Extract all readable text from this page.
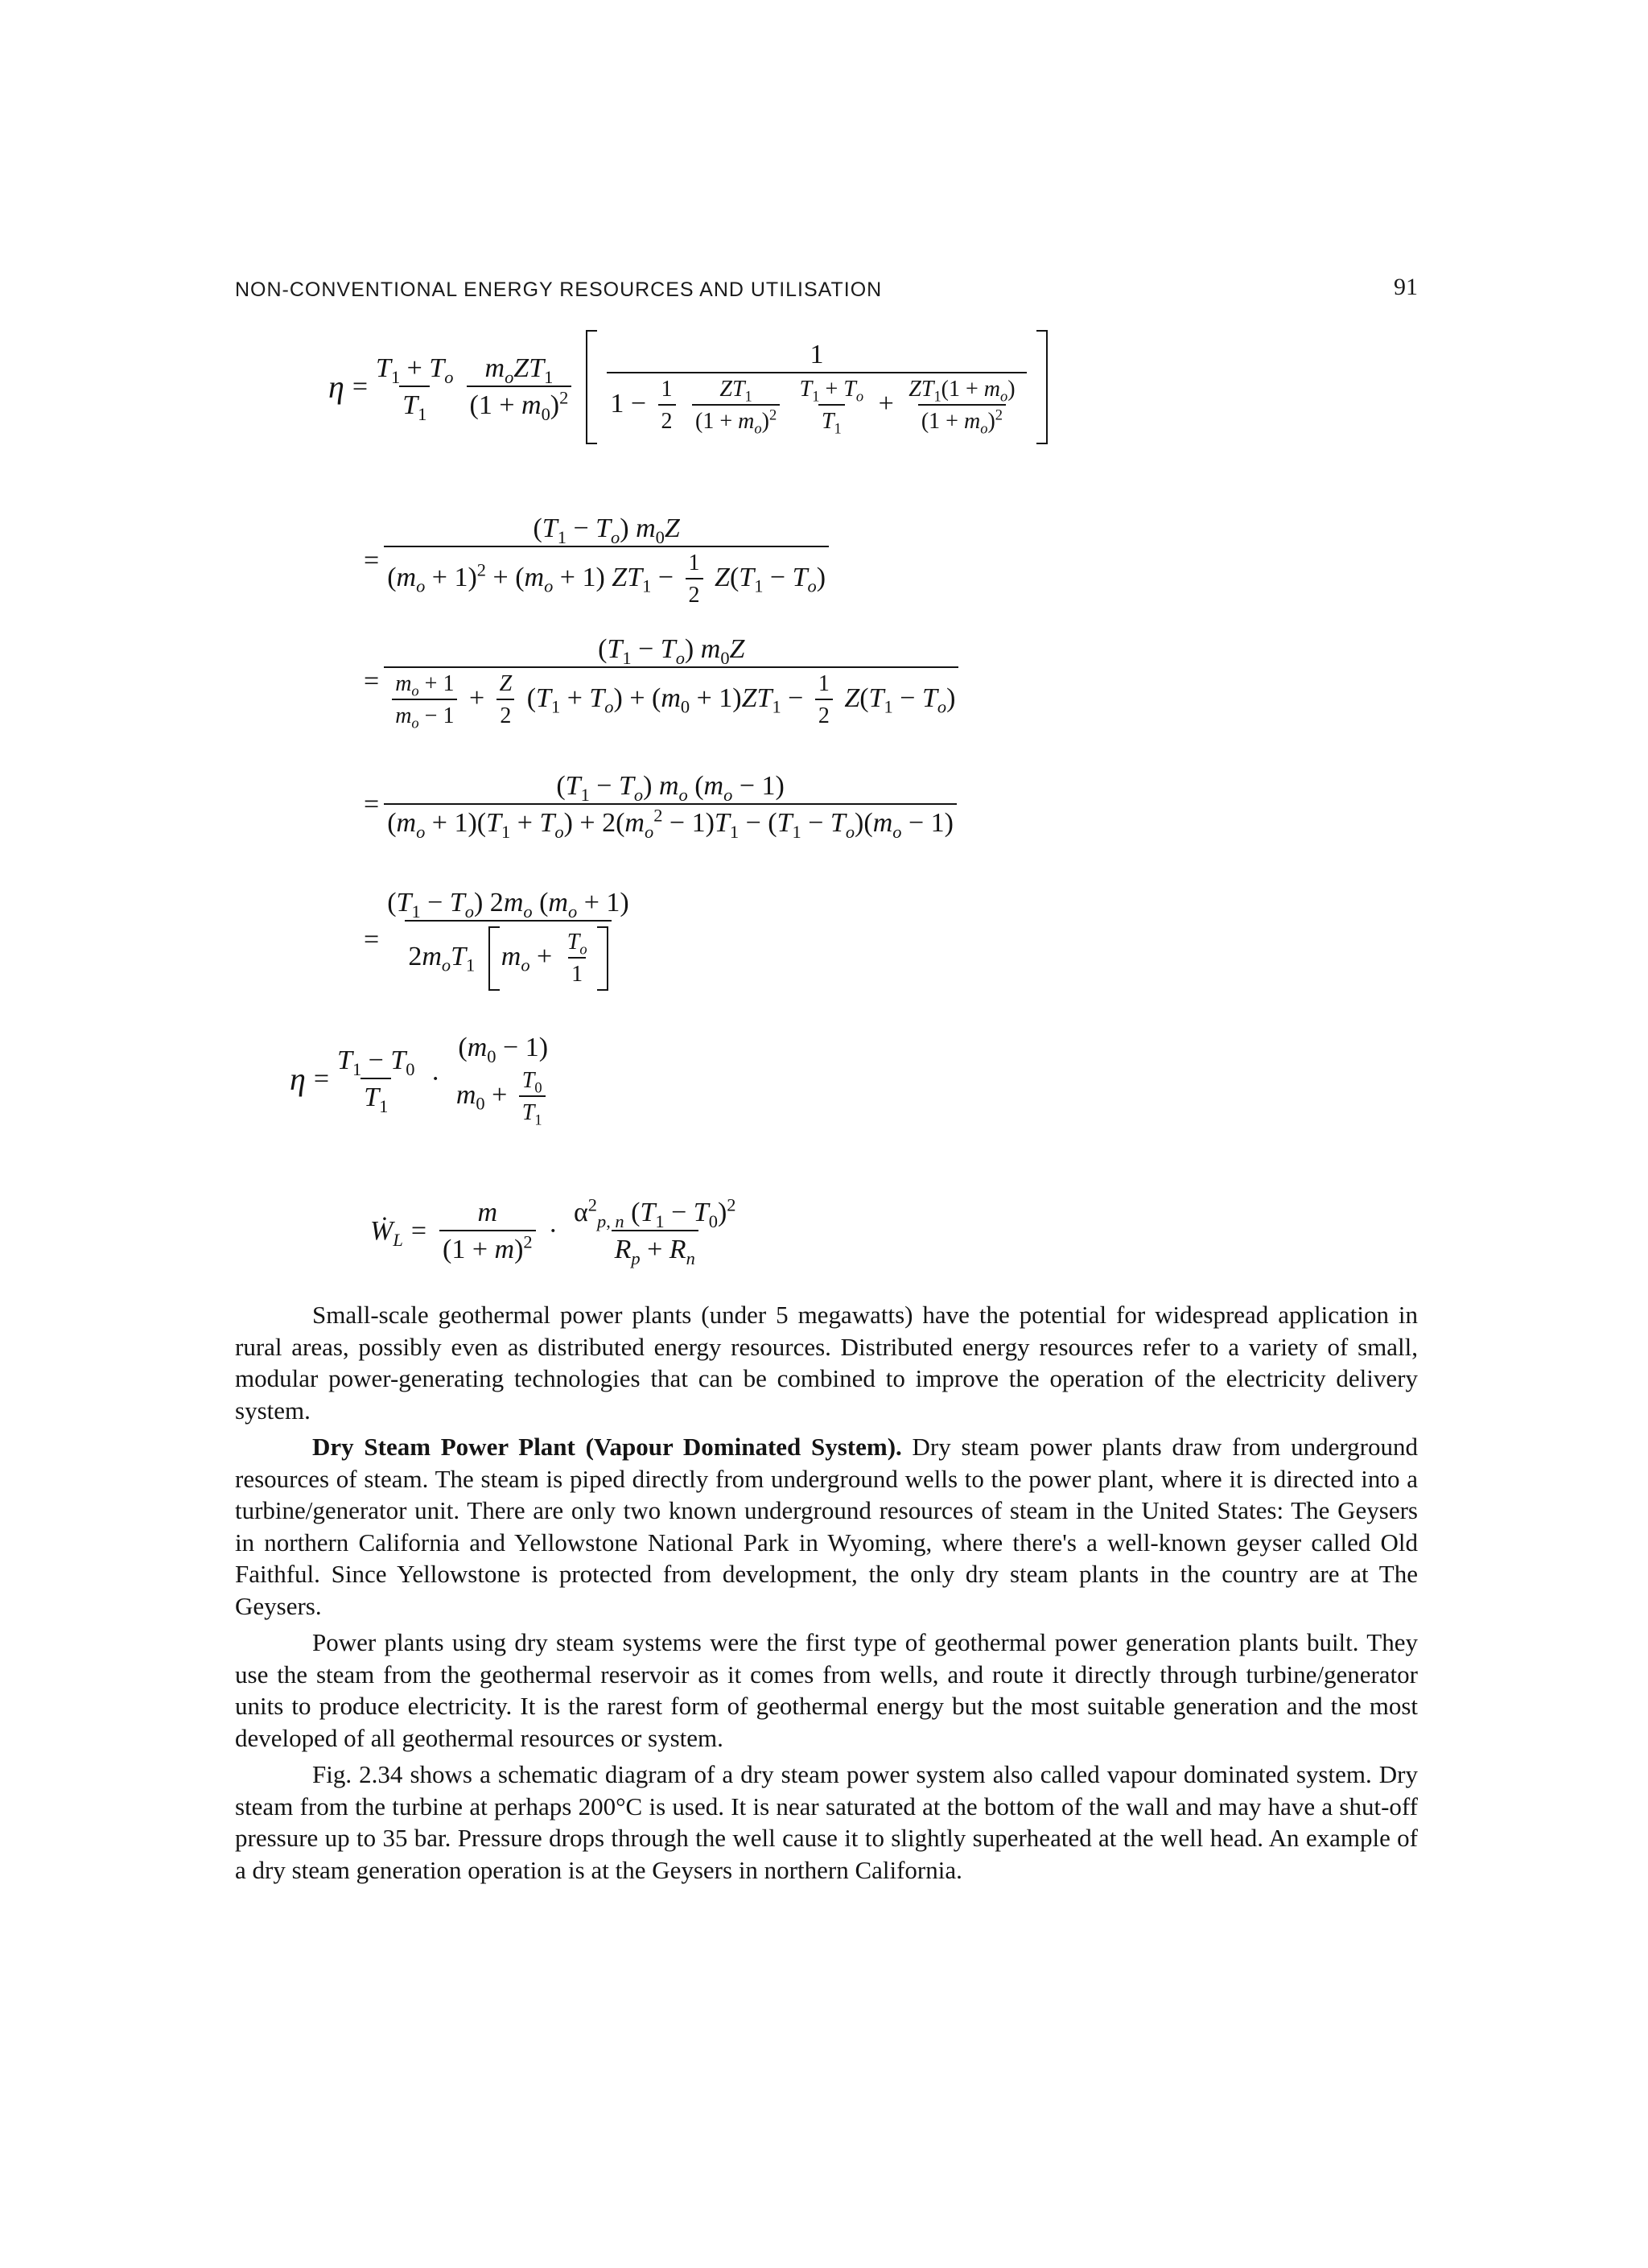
NON-CONVENTIONAL ENERGY RESOURCES AND UTILISATION	91
$\eta = \frac{T_1 + T_o}{T_1} \frac{m_oZT_1}{(1 + m_0)^2}$
1
$1 - \frac{1}{2}$
$\frac{ZT_1}{(1 + m_o)^2}$
$\frac{T_1 + T_o}{T_1} + \frac{ZT_1(1 + m_o)}{(1 + m_o)^2}$
= $\frac{(T_1 - T_o) m_0Z}{(m_o + 1)^2 + (m_o + 1) ZT_1 - \frac{1}{2} Z(T_1 - T_o)}$
=
$(T_1 - T_o)$ $m_0Z$
$\frac{m_o + 1}{m_o - 1} + \frac{Z}{2} (T_1 + T_o) + (m_0 + 1)ZT_1 - \frac{1}{2} Z(T_1 - T_o)$
= $\frac{(T_1 - T_o) m_o (m_o - 1)}{(m_o + 1)(T_1 + T_o) + 2(m_o^2 - 1)T_1 - (T_1 - T_o)(m_o - 1)}$
= $\frac{(T_1 - T_o) 2m_o (m_o + 1)}{2m_oT_1 m_o + \frac{T_o}{1}}$
$\eta = \frac{T_1 - T_0}{T_1}$ ·
$(m_0 - 1)$
$m_0 + \frac{T_0}{T_1}$
Ẇ$_L$ = $\frac{m}{(1 + m)^2} \cdot \frac{\alpha^2_{p, n} (T_1 - T_0)^2}{R_p + R_n}$

Small-scale geothermal power plants (under 5 megawatts) have the potential for widespread application in rural areas, possibly even as distributed energy resources. Distributed energy resources refer to a variety of small, modular power-generating technologies that can be combined to improve the operation of the electricity delivery system.

Dry Steam Power Plant (Vapour Dominated System). Dry steam power plants draw from underground resources of steam. The steam is piped directly from underground wells to the power plant, where it is directed into a turbine/generator unit. There are only two known underground resources of steam in the United States: The Geysers in northern California and Yellowstone National Park in Wyoming, where there's a well-known geyser called Old Faithful. Since Yellowstone is protected from development, the only dry steam plants in the country are at The Geysers.

Power plants using dry steam systems were the first type of geothermal power generation plants built. They use the steam from the geothermal reservoir as it comes from wells, and route it directly through turbine/generator units to produce electricity. It is the rarest form of geothermal energy but the most suitable generation and the most developed of all geothermal resources or system.

Fig. 2.34 shows a schematic diagram of a dry steam power system also called vapour dominated system. Dry steam from the turbine at perhaps 200°C is used. It is near saturated at the bottom of the wall and may have a shut-off pressure up to 35 bar. Pressure drops through the well cause it to slightly superheated at the well head. An example of a dry steam generation operation is at the Geysers in northern California.
